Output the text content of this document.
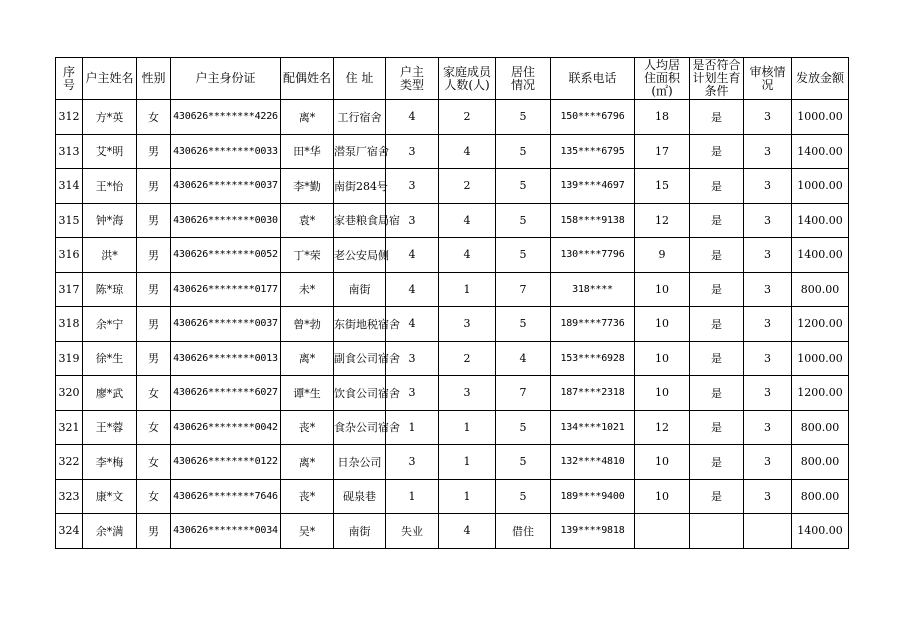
序
号	户主姓名	性别	户主身份证	配偶姓名	住 址	户主
类型	家庭成员
人数(人)	居住
情况	联系电话	人均居
住面积
(㎡)	是否符合
计划生育
条件	审核情况	发放金额
312	方*英	女	430626********4226	离*	工行宿舍	4	2	5	150****6796	18	是	3	1000.00
313	艾*明	男	430626********0033	田*华	潜泵厂宿舍	3	4	5	135****6795	17	是	3	1400.00
314	王*怡	男	430626********0037	李*勤	南街284号	3	2	5	139****4697	15	是	3	1000.00
315	钟*海	男	430626********0030	袁*	家巷粮食局宿	3	4	5	158****9138	12	是	3	1400.00
316	洪*	男	430626********0052	丁*荣	老公安局侧	4	4	5	130****7796	9	是	3	1400.00
317	陈*琼	男	430626********0177	未*	南街	4	1	7	318****	10	是	3	800.00
318	余*宁	男	430626********0037	曾*勃	东街地税宿舍	4	3	5	189****7736	10	是	3	1200.00
319	徐*生	男	430626********0013	离*	副食公司宿舍	3	2	4	153****6928	10	是	3	1000.00
320	廖*武	女	430626********6027	谭*生	饮食公司宿舍	3	3	7	187****2318	10	是	3	1200.00
321	王*蓉	女	430626********0042	丧*	食杂公司宿舍	1	1	5	134****1021	12	是	3	800.00
322	李*梅	女	430626********0122	离*	日杂公司	3	1	5	132****4810	10	是	3	800.00
323	康*文	女	430626********7646	丧*	砚泉巷	1	1	5	189****9400	10	是	3	800.00
324	余*满	男	430626********0034	吴*	南街	失业	4	借住	139****9818				1400.00
